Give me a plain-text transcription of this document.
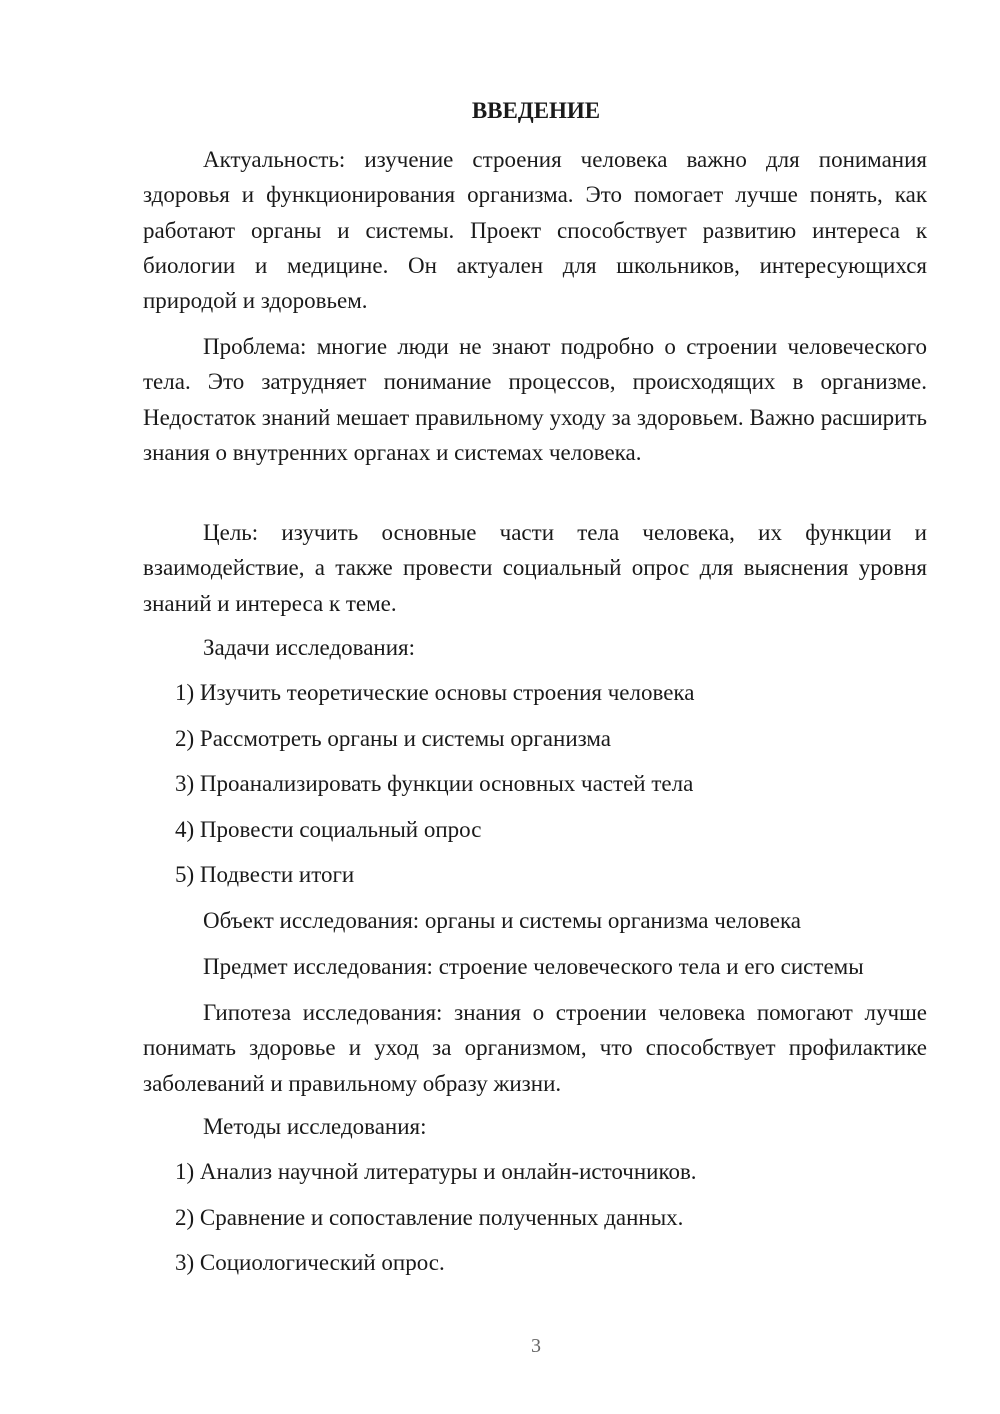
ВВЕДЕНИЕ
Актуальность: изучение строения человека важно для понимания здоровья и функционирования организма. Это помогает лучше понять, как работают органы и системы. Проект способствует развитию интереса к биологии и медицине. Он актуален для школьников, интересующихся природой и здоровьем.
Проблема: многие люди не знают подробно о строении человеческого тела. Это затрудняет понимание процессов, происходящих в организме. Недостаток знаний мешает правильному уходу за здоровьем. Важно расширить знания о внутренних органах и системах человека.
Цель: изучить основные части тела человека, их функции и взаимодействие, а также провести социальный опрос для выяснения уровня знаний и интереса к теме.
Задачи исследования:
1) Изучить теоретические основы строения человека
2) Рассмотреть органы и системы организма
3) Проанализировать функции основных частей тела
4) Провести социальный опрос
5) Подвести итоги
Объект исследования: органы и системы организма человека
Предмет исследования: строение человеческого тела и его системы
Гипотеза исследования: знания о строении человека помогают лучше понимать здоровье и уход за организмом, что способствует профилактике заболеваний и правильному образу жизни.
Методы исследования:
1) Анализ научной литературы и онлайн-источников.
2) Сравнение и сопоставление полученных данных.
3) Социологический опрос.
3
